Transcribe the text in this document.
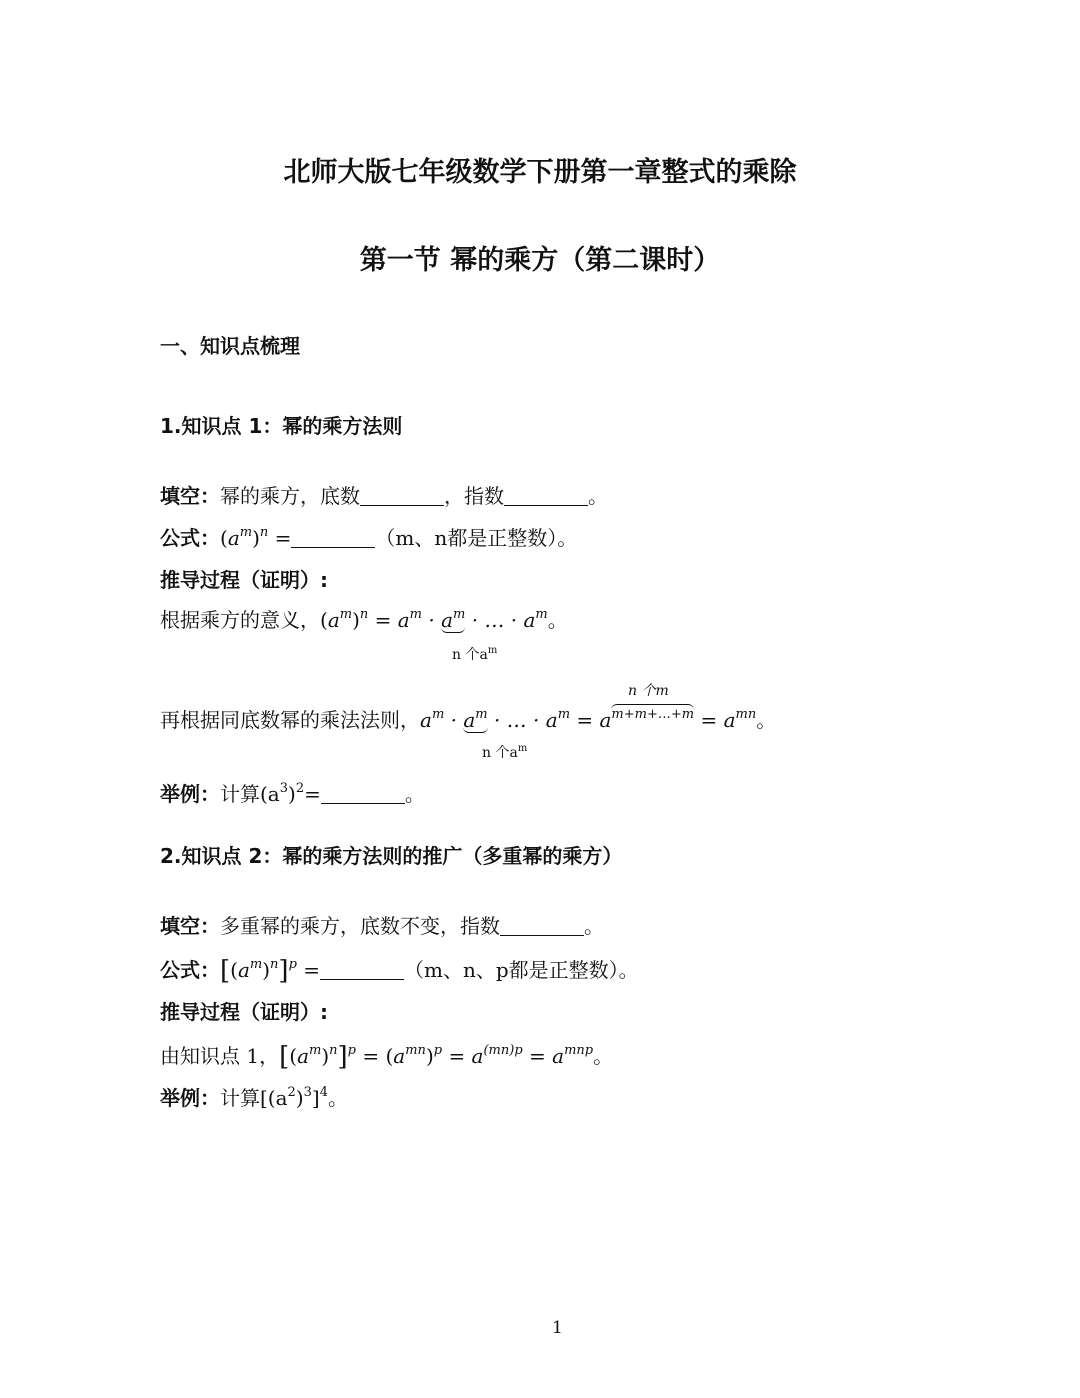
北师大版七年级数学下册第一章整式的乘除
第一节 幂的乘方（第二课时）
一、知识点梳理
1.知识点 1：幂的乘方法则
填空：幂的乘方，底数	，指数	。
公式：$(a^m)^n$ =	（m、n都是正整数）。
推导过程（证明）:
根据乘方的意义，$(a^m)^n = a^m \cdot a^m$ · … · $a^m$。
n 个$a^m$
n 个m
再根据同底数幂的乘法法则，$a^m \cdot a^m$ · … · $a^m = a^{m+m+\dots+m} = a^{mn}$。
n 个$a^m$
举例：计算$(a^3)^2=$	。
2.知识点 2：幂的乘方法则的推广（多重幂的乘方）
填空：多重幂的乘方，底数不变，指数	。
公式：$[(a^m)^n]^p$ =	（m、n、p都是正整数）。
推导过程（证明）:
由知识点 1，$[(a^m)^n]^p = (a^{mn})^p = a^{(mn)p} = a^{mnp}$。
举例：计算$[(a^2)^3]^4$。
1
